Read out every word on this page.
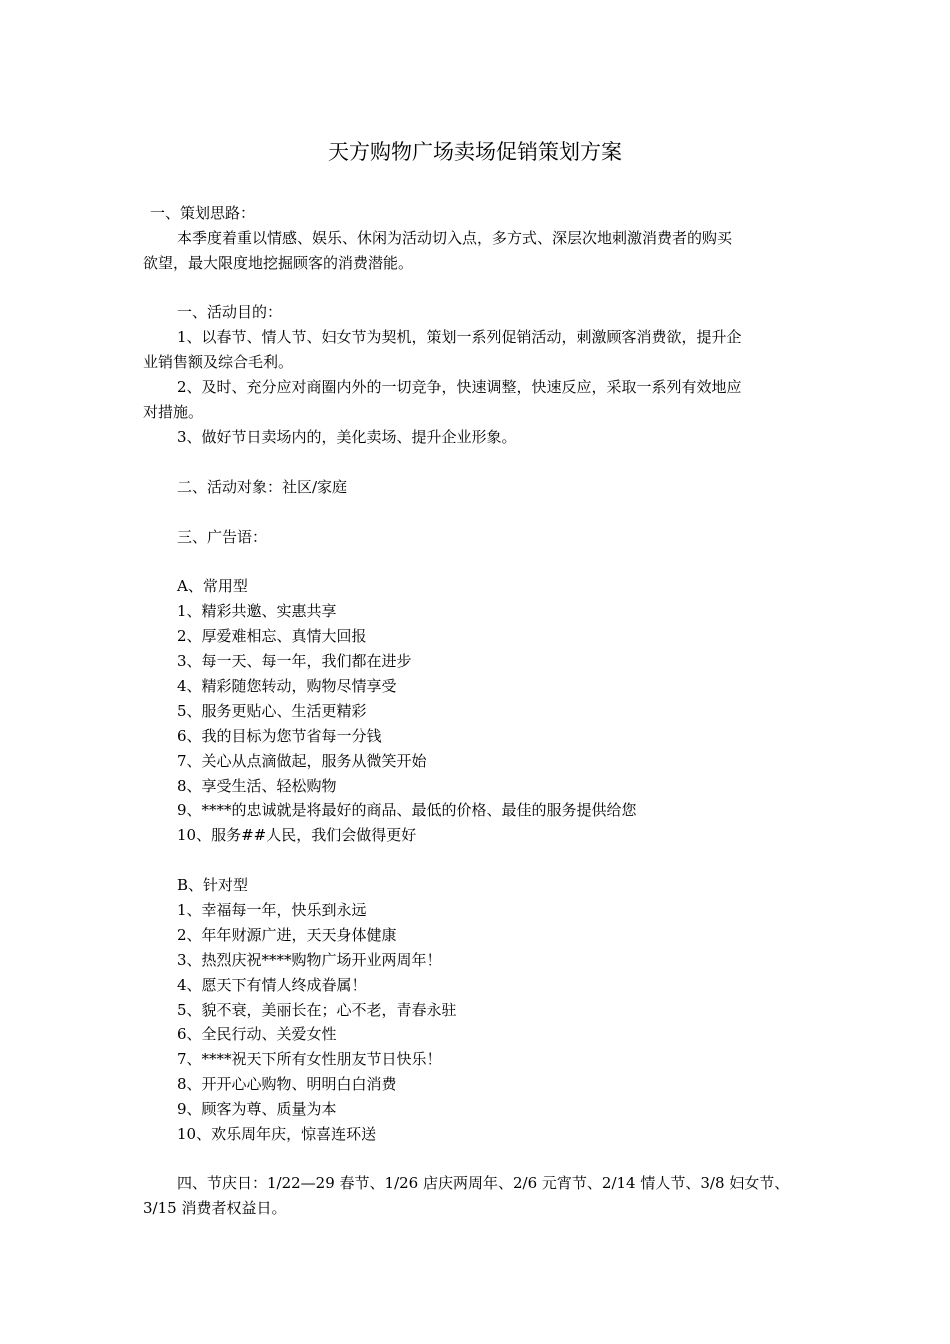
天方购物广场卖场促销策划方案
一、策划思路：
本季度着重以情感、娱乐、休闲为活动切入点，多方式、深层次地刺激消费者的购买
欲望，最大限度地挖掘顾客的消费潜能。
一、活动目的：
1、以春节、情人节、妇女节为契机，策划一系列促销活动，刺激顾客消费欲，提升企
业销售额及综合毛利。
2、及时、充分应对商圈内外的一切竞争，快速调整，快速反应，采取一系列有效地应
对措施。
3、做好节日卖场内的，美化卖场、提升企业形象。
二、活动对象：社区/家庭
三、广告语：
A、常用型
1、精彩共邀、实惠共享
2、厚爱难相忘、真情大回报
3、每一天、每一年，我们都在进步
4、精彩随您转动，购物尽情享受
5、服务更贴心、生活更精彩
6、我的目标为您节省每一分钱
7、关心从点滴做起，服务从微笑开始
8、享受生活、轻松购物
9、****的忠诚就是将最好的商品、最低的价格、最佳的服务提供给您
10、服务##人民，我们会做得更好
B、针对型
1、幸福每一年，快乐到永远
2、年年财源广进，天天身体健康
3、热烈庆祝****购物广场开业两周年！
4、愿天下有情人终成眷属！
5、貌不衰，美丽长在；心不老，青春永驻
6、全民行动、关爱女性
7、****祝天下所有女性朋友节日快乐！
8、开开心心购物、明明白白消费
9、顾客为尊、质量为本
10、欢乐周年庆，惊喜连环送
四、节庆日：1/22—29 春节、1/26 店庆两周年、2/6 元宵节、2/14 情人节、3/8 妇女节、
3/15 消费者权益日。
